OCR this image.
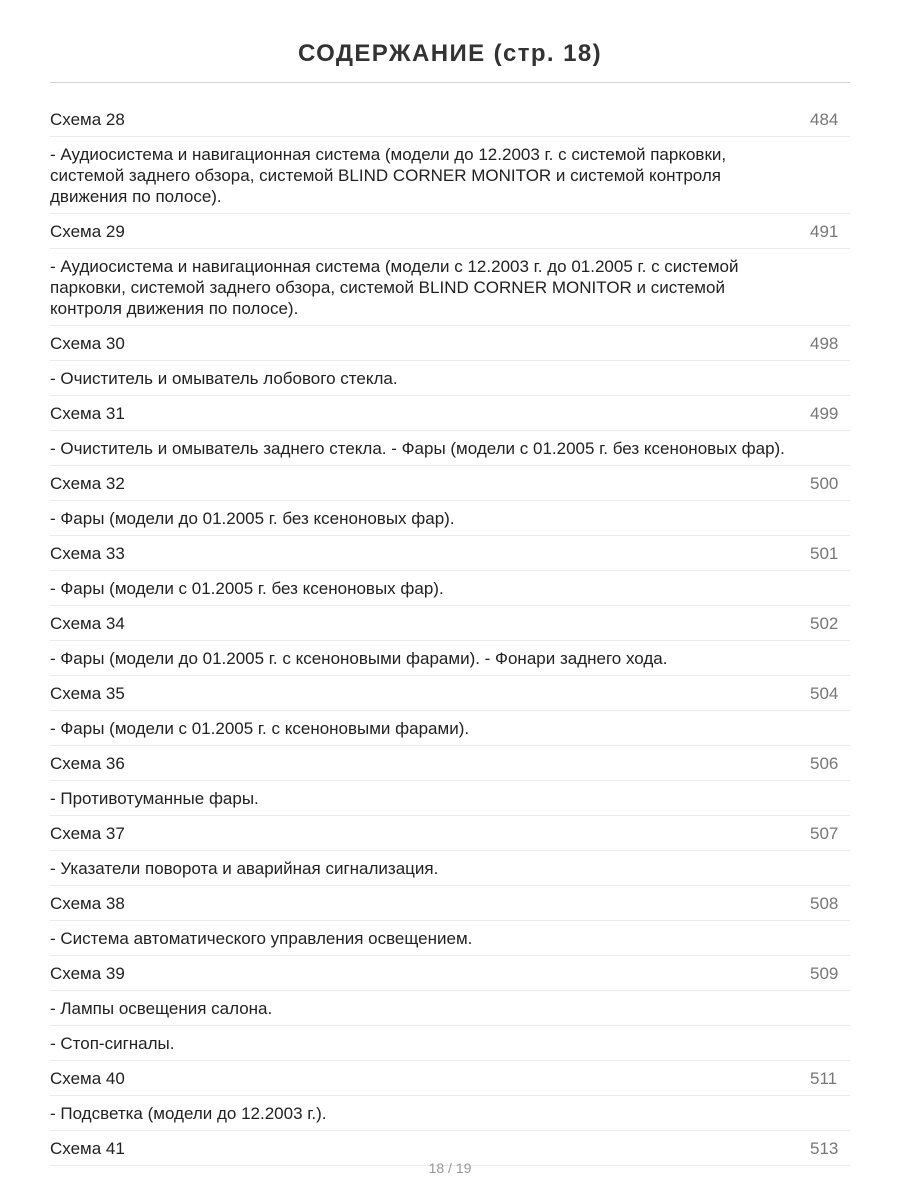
СОДЕРЖАНИЕ (стр. 18)
Схема 28	484
- Аудиосистема и навигационная система (модели до 12.2003 г. с системой парковки, системой заднего обзора, системой BLIND CORNER MONITOR и системой контроля движения по полосе).
Схема 29	491
- Аудиосистема и навигационная система (модели с 12.2003 г. до 01.2005 г. с системой парковки, системой заднего обзора, системой BLIND CORNER MONITOR и системой контроля движения по полосе).
Схема 30	498
- Очиститель и омыватель лобового стекла.
Схема 31	499
- Очиститель и омыватель заднего стекла. - Фары (модели с 01.2005 г. без ксеноновых фар).
Схема 32	500
- Фары (модели до 01.2005 г. без ксеноновых фар).
Схема 33	501
- Фары (модели с 01.2005 г. без ксеноновых фар).
Схема 34	502
- Фары (модели до 01.2005 г. с ксеноновыми фарами). - Фонари заднего хода.
Схема 35	504
- Фары (модели с 01.2005 г. с ксеноновыми фарами).
Схема 36	506
- Противотуманные фары.
Схема 37	507
- Указатели поворота и аварийная сигнализация.
Схема 38	508
- Система автоматического управления освещением.
Схема 39	509
- Лампы освещения салона.
- Стоп-сигналы.
Схема 40	511
- Подсветка (модели до 12.2003 г.).
Схема 41	513
18 / 19
